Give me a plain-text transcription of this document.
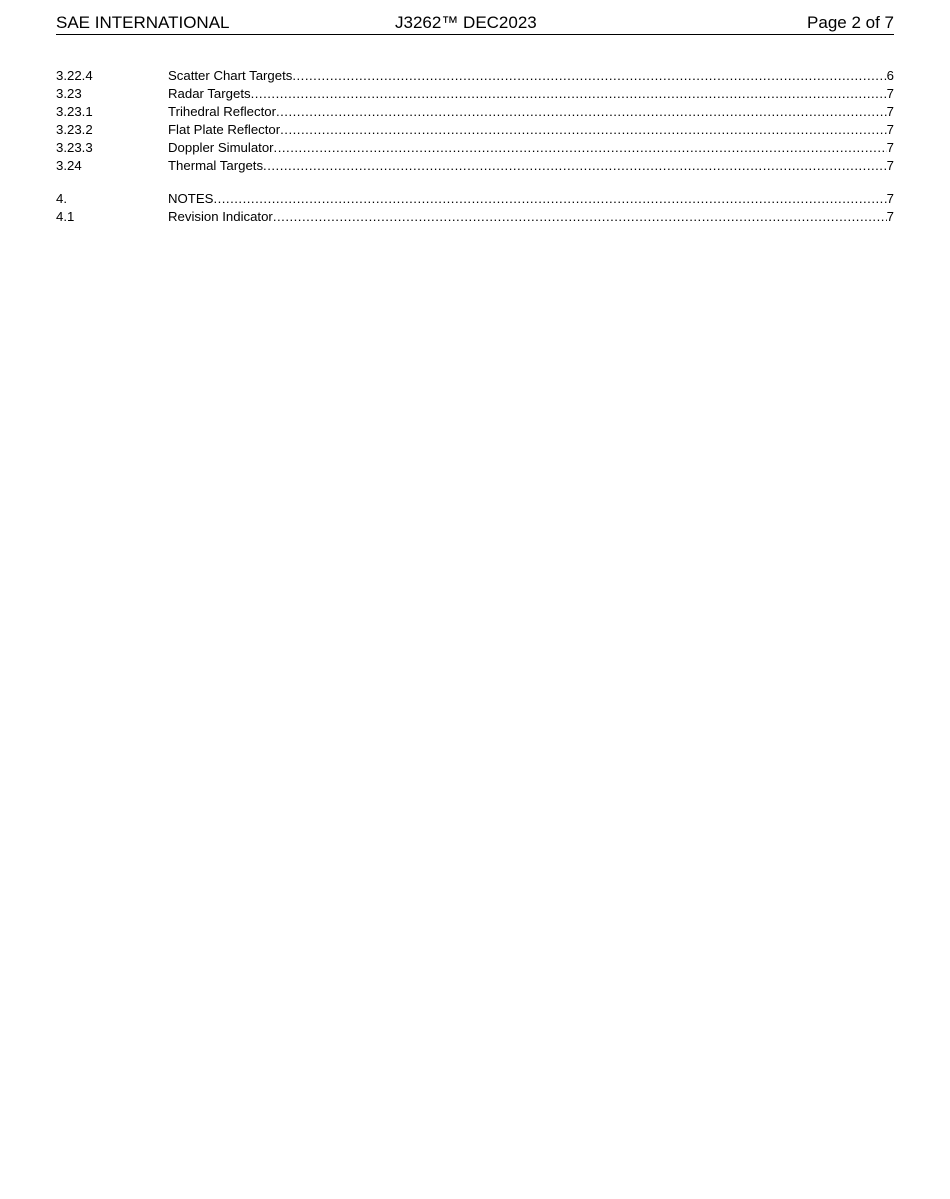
SAE INTERNATIONAL	J3262™ DEC2023	Page 2 of 7
3.22.4	Scatter Chart Targets .....	6
3.23	Radar Targets .....	7
3.23.1	Trihedral Reflector .....	7
3.23.2	Flat Plate Reflector .....	7
3.23.3	Doppler Simulator .....	7
3.24	Thermal Targets .....	7
4.	NOTES .....	7
4.1	Revision Indicator .....	7
